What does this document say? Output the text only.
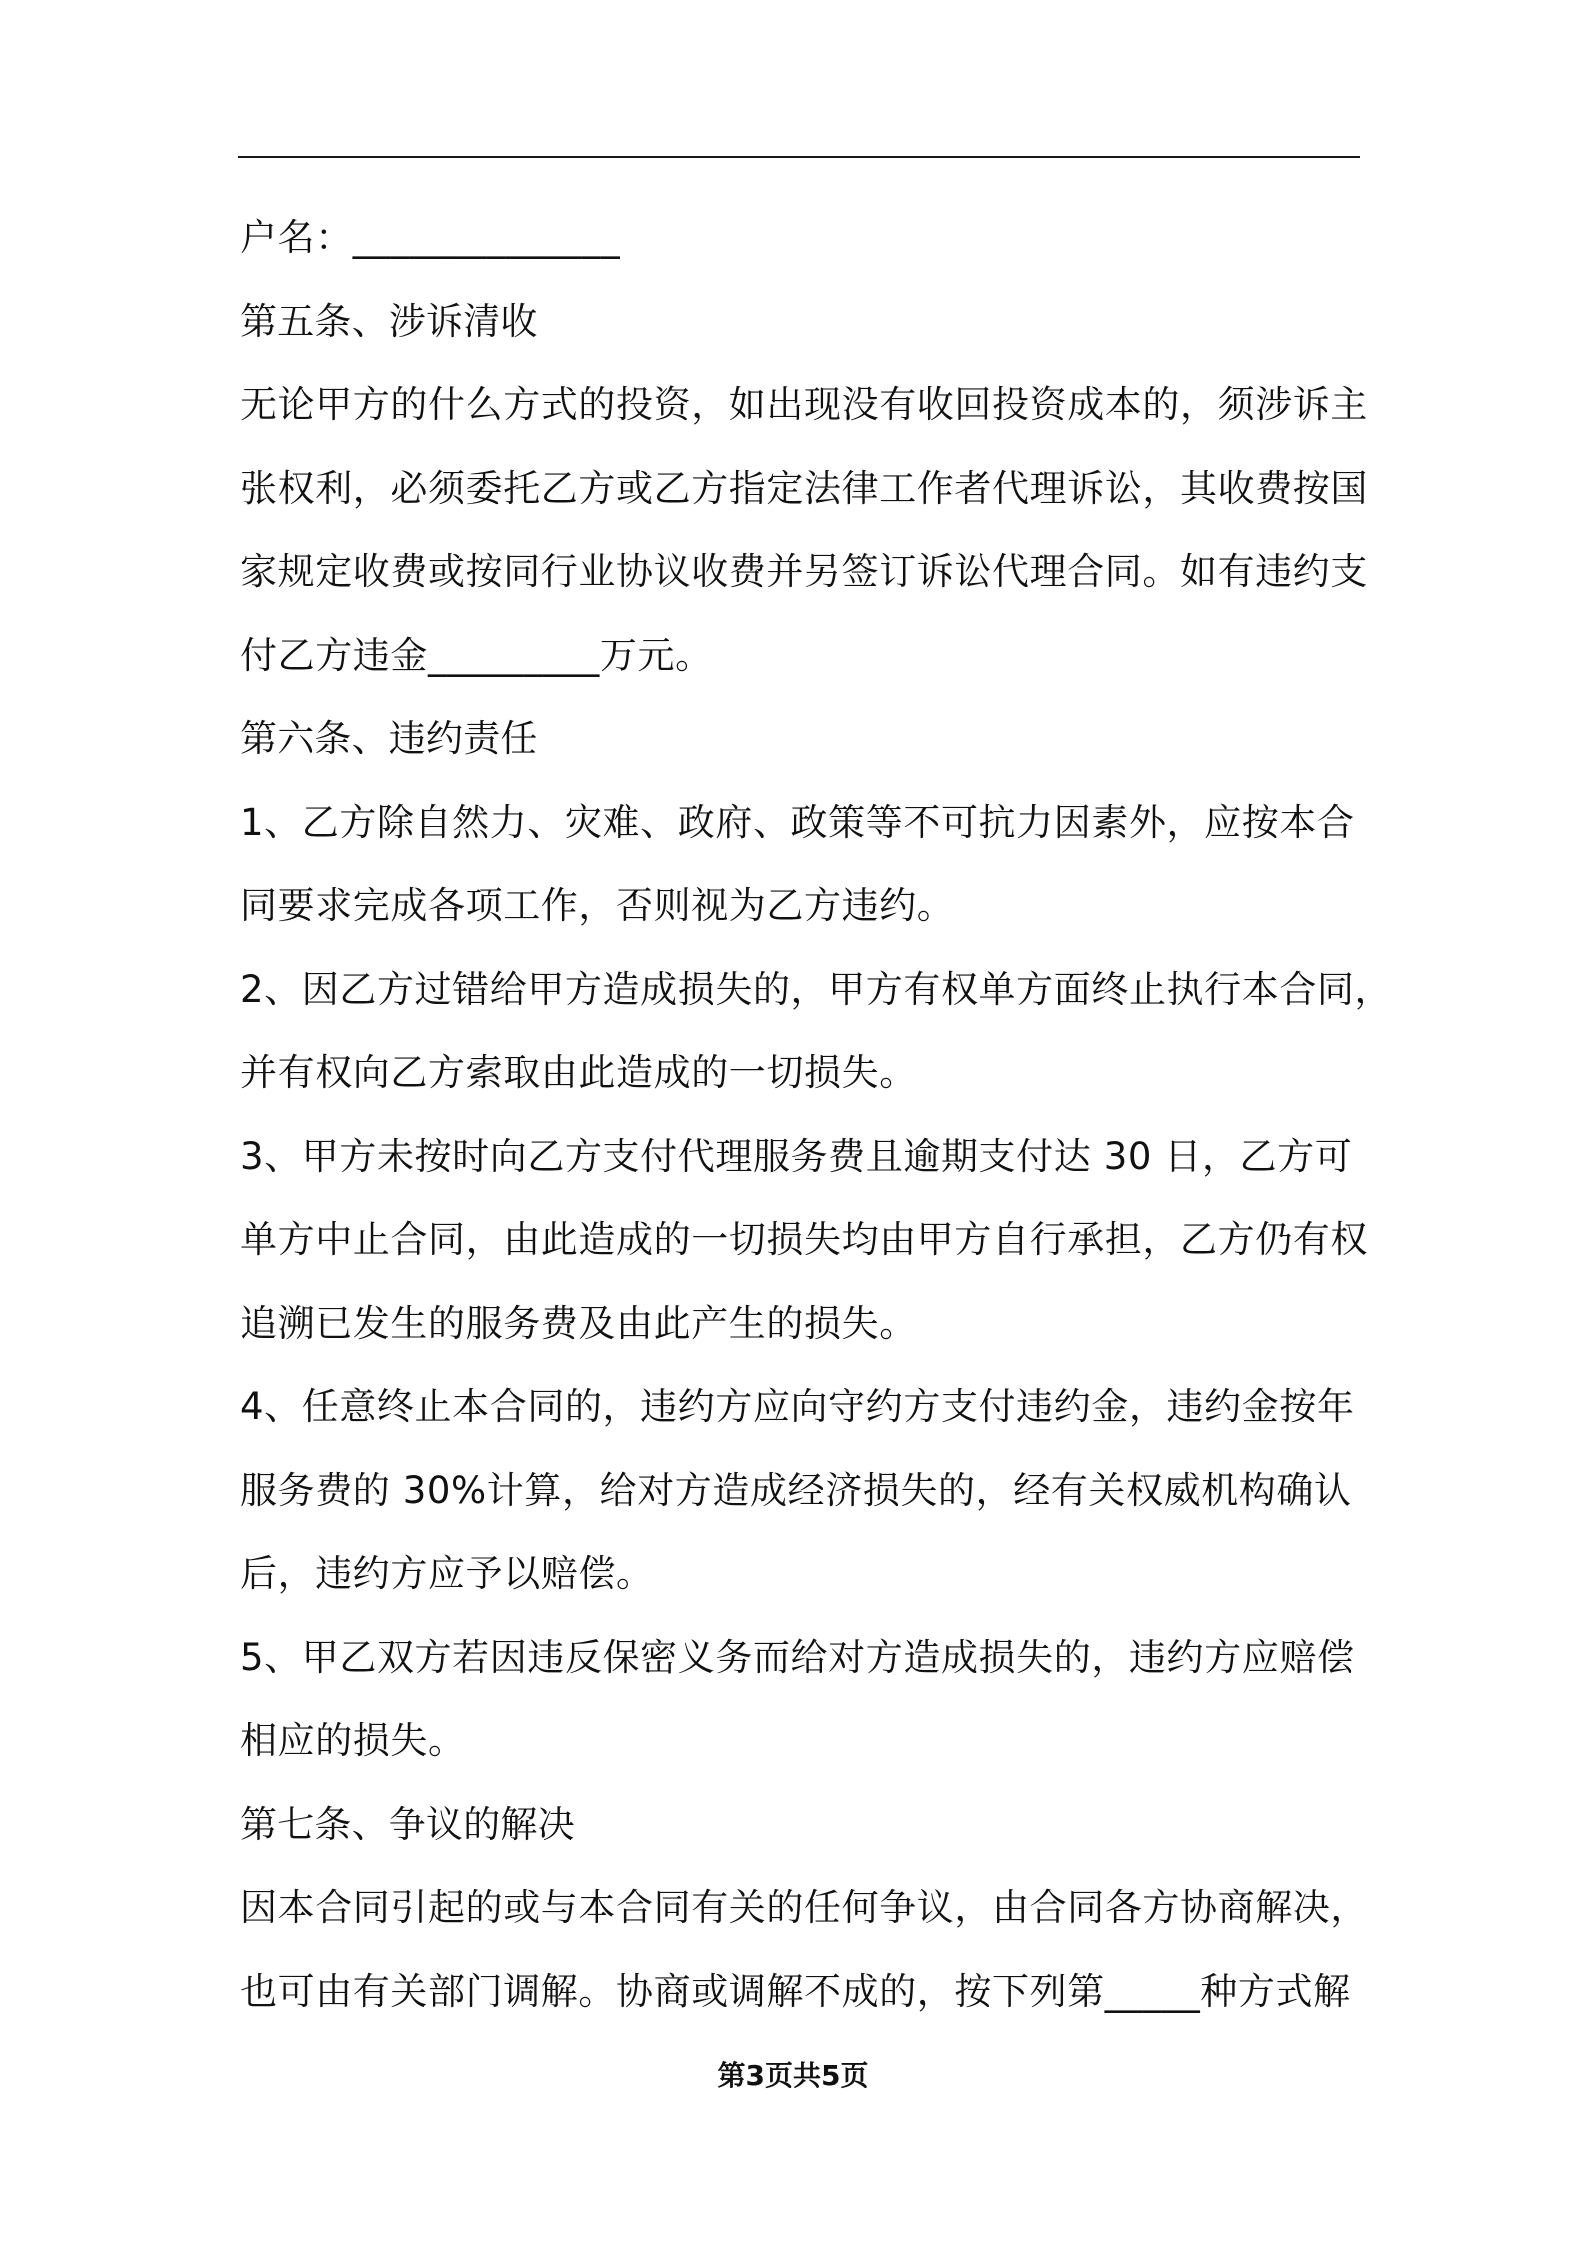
户名：______________
第五条、涉诉清收
无论甲方的什么方式的投资，如出现没有收回投资成本的，须涉诉主
张权利，必须委托乙方或乙方指定法律工作者代理诉讼，其收费按国
家规定收费或按同行业协议收费并另签订诉讼代理合同。如有违约支
付乙方违金_________万元。
第六条、违约责任
1、乙方除自然力、灾难、政府、政策等不可抗力因素外，应按本合
同要求完成各项工作，否则视为乙方违约。
2、因乙方过错给甲方造成损失的，甲方有权单方面终止执行本合同，
并有权向乙方索取由此造成的一切损失。
3、甲方未按时向乙方支付代理服务费且逾期支付达 30 日，乙方可
单方中止合同，由此造成的一切损失均由甲方自行承担，乙方仍有权
追溯已发生的服务费及由此产生的损失。
4、任意终止本合同的，违约方应向守约方支付违约金，违约金按年
服务费的 30%计算，给对方造成经济损失的，经有关权威机构确认
后，违约方应予以赔偿。
5、甲乙双方若因违反保密义务而给对方造成损失的，违约方应赔偿
相应的损失。
第七条、争议的解决
因本合同引起的或与本合同有关的任何争议，由合同各方协商解决，
也可由有关部门调解。协商或调解不成的，按下列第_____种方式解
第3页共5页
